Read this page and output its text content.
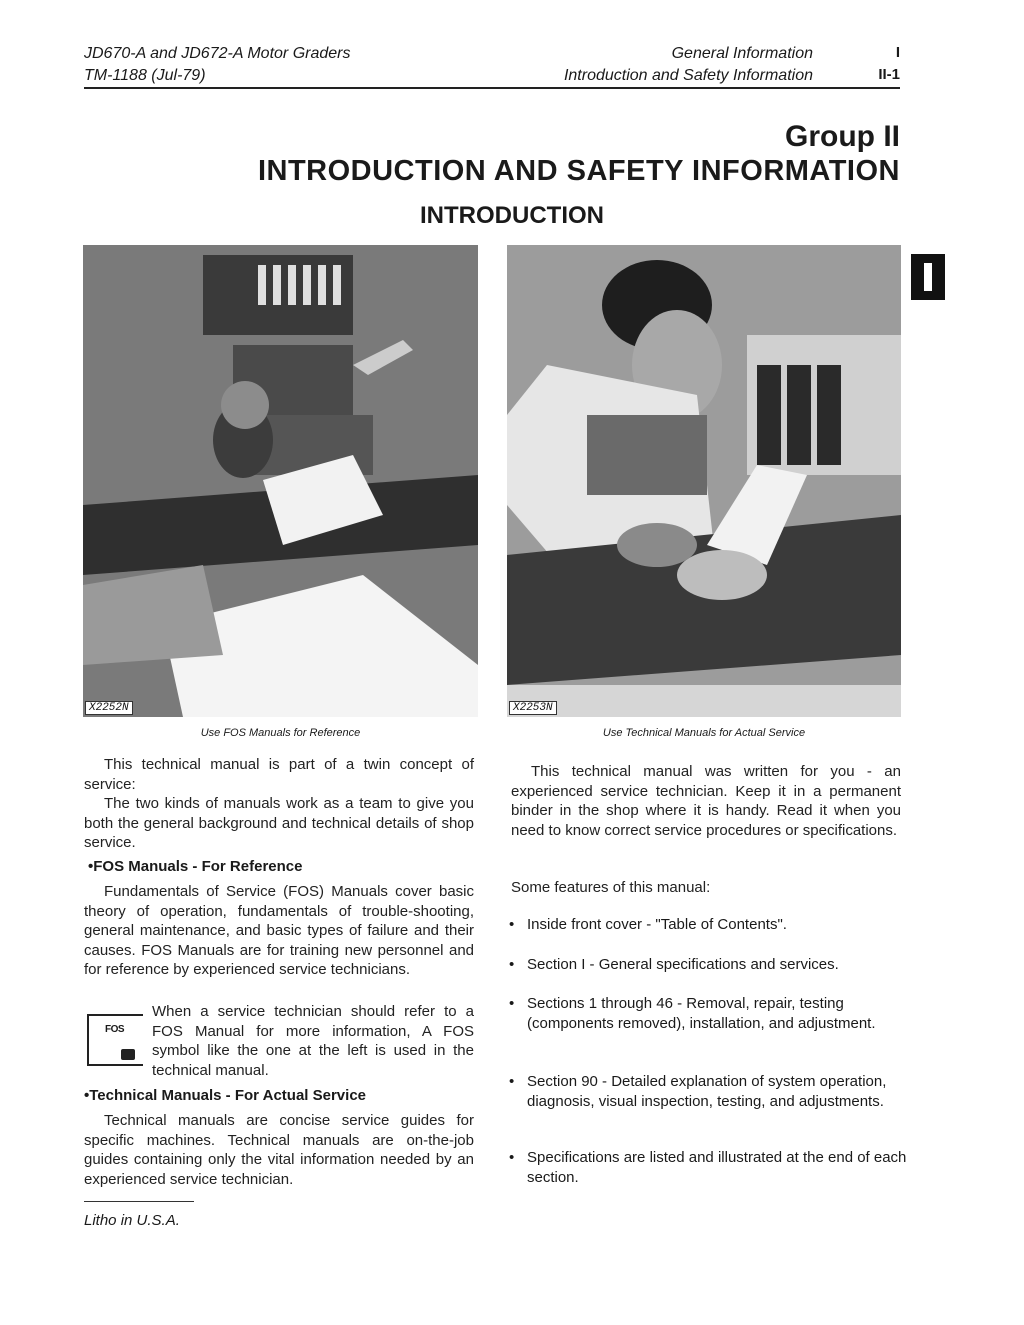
JD670-A and JD672-A Motor Graders
TM-1188 (Jul-79)
General Information
Introduction and Safety Information
I
II-1
Group II
INTRODUCTION AND SAFETY INFORMATION
INTRODUCTION
X2252N
Use FOS Manuals for Reference
X2253N
Use Technical Manuals for Actual Service

This technical manual is part of a twin concept of service:

The two kinds of manuals work as a team to give you both the general background and technical details of shop service.

•FOS Manuals - For Reference

Fundamentals of Service (FOS) Manuals cover basic theory of operation, fundamentals of trouble-shooting, general maintenance, and basic types of failure and their causes. FOS Manuals are for training new personnel and for reference by experienced service technicians.

FOS
When a service technician should refer to a FOS Manual for more information, A FOS symbol like the one at the left is used in the technical manual.
•Technical Manuals - For Actual Service

Technical manuals are concise service guides for specific machines. Technical manuals are on-the-job guides containing only the vital information needed by an experienced service technician.

This technical manual was written for you - an experienced service technician. Keep it in a permanent binder in the shop where it is handy. Read it when you need to know correct service procedures or specifications.

Some features of this manual:
• Inside front cover - "Table of Contents".
• Section I - General specifications and services.
• Sections 1 through 46 - Removal, repair, testing (components removed), installation, and adjustment.
• Section 90 - Detailed explanation of system operation, diagnosis, visual inspection, testing, and adjustments.
• Specifications are listed and illustrated at the end of each section.
Litho in U.S.A.
